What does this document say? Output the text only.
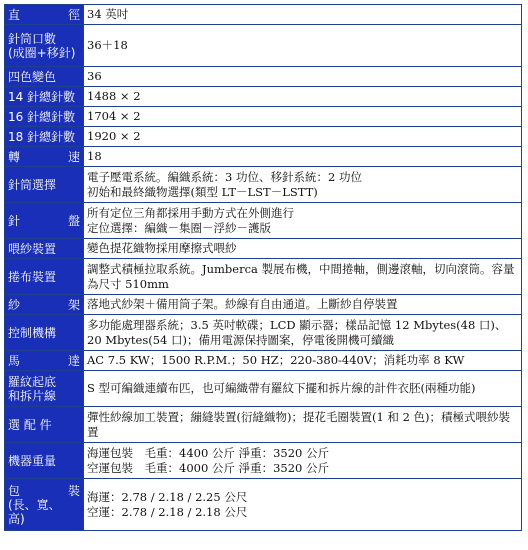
直　徑	34 英吋

針筒口數
(成圈+移針)	36＋18

四色變色	36

14 針總針數	1488 × 2

16 針總針數	1704 × 2

18 針總針數	1920 × 2

轉　速	18

針筒選擇	電子壓電系統。編織系統：3 功位、移針系統：2 功位
初始和最終織物選擇(類型 LT－LST－LSTT)

針　盤	所有定位三角都採用手動方式在外側進行
定位選擇：編織－集圈－浮紗－護版

喂紗裝置	變色提花織物採用摩擦式喂紗

捲布裝置	調整式積極拉取系統。Jumberca 製展布機，中間捲軸，側邊滾軸，切向滾筒。容量為尺寸 510mm

紗　架	落地式紗架＋備用筒子架。紗線有自由通道。上斷紗自停裝置

控制機構	多功能處理器系統；3.5 英吋軟碟；LCD 顯示器；樣品記憶 12 Mbytes(48 口)、20 Mbytes(54 口)；備用電源保持圖案，停電後開機可續織

馬　達	AC 7.5 KW；1500 R.P.M.；50 HZ；220-380-440V；消耗功率 8 KW

羅紋起底
和拆片線	S 型可編織連續布匹，也可編織帶有羅紋下擺和拆片線的計件衣胚(兩種功能)

選 配 件	彈性紗線加工裝置；繃縫裝置(衍縫織物)；提花毛圈裝置(1 和 2 色)；積極式喂紗裝置

機器重量	海運包裝　毛重：4400 公斤 淨重：3520 公斤
空運包裝　毛重：4000 公斤 淨重：3520 公斤

包　裝
(長、寬、
高)	海運：2.78 / 2.18 / 2.25 公尺
空運：2.78 / 2.18 / 2.18 公尺
